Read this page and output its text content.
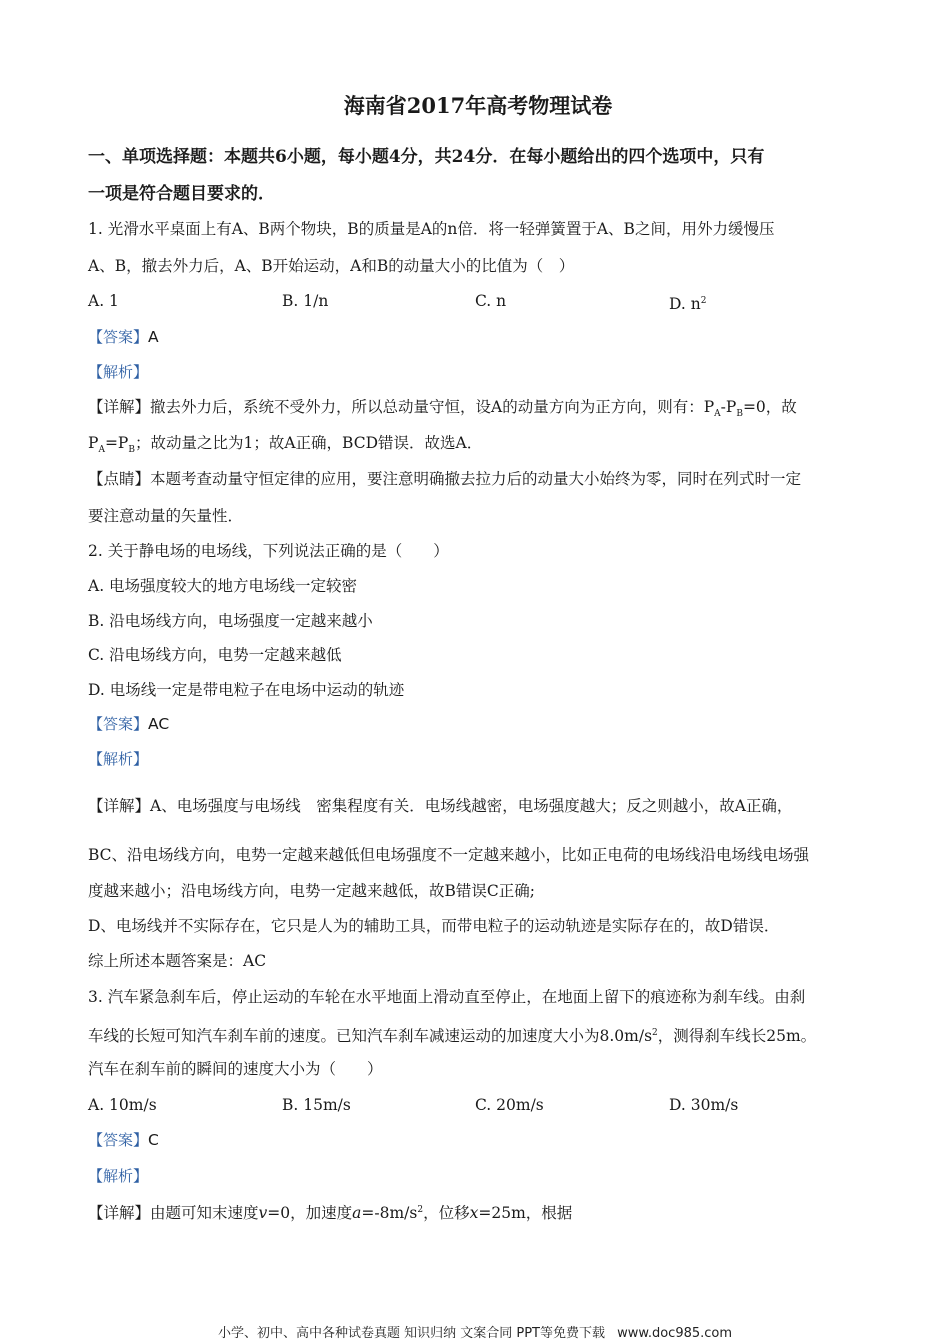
海南省2017年高考物理试卷
一、单项选择题：本题共6小题，每小题4分，共24分．在每小题给出的四个选项中，只有
一项是符合题目要求的．
1. 光滑水平桌面上有A、B两个物块，B的质量是A的n倍．将一轻弹簧置于A、B之间，用外力缓慢压
A、B，撤去外力后，A、B开始运动，A和B的动量大小的比值为（　）
A. 1	B. 1/n	C. n	D. $n^2$
【答案】A
【解析】
【详解】撤去外力后，系统不受外力，所以总动量守恒，设A的动量方向为正方向，则有：$P_A-P_B=0$，故
$P_A=P_B$；故动量之比为1；故A正确，BCD错误．故选A．
【点睛】本题考查动量守恒定律的应用，要注意明确撤去拉力后的动量大小始终为零，同时在列式时一定
要注意动量的矢量性．
2. 关于静电场的电场线，下列说法正确的是（　　）
A. 电场强度较大的地方电场线一定较密
B. 沿电场线方向，电场强度一定越来越小
C. 沿电场线方向，电势一定越来越低
D. 电场线一定是带电粒子在电场中运动的轨迹
【答案】AC
【解析】
【详解】A、电场强度与电场线　密集程度有关．电场线越密，电场强度越大；反之则越小，故A正确，
BC、沿电场线方向，电势一定越来越低但电场强度不一定越来越小，比如正电荷的电场线沿电场线电场强
度越来越小；沿电场线方向，电势一定越来越低，故B错误C正确;
D、电场线并不实际存在，它只是人为的辅助工具，而带电粒子的运动轨迹是实际存在的，故D错误．
综上所述本题答案是：AC
3. 汽车紧急刹车后，停止运动的车轮在水平地面上滑动直至停止，在地面上留下的痕迹称为刹车线。由刹
车线的长短可知汽车刹车前的速度。已知汽车刹车减速运动的加速度大小为$8.0m/s^2$，测得刹车线长25m。
汽车在刹车前的瞬间的速度大小为（　　）
A. 10m/s	B. 15m/s	C. 20m/s	D. 30m/s
【答案】C
【解析】
【详解】由题可知末速度v=0，加速度$a=-8m/s^2$，位移x=25m，根据
小学、初中、高中各种试卷真题 知识归纳 文案合同 PPT等免费下载 www.doc985.com
